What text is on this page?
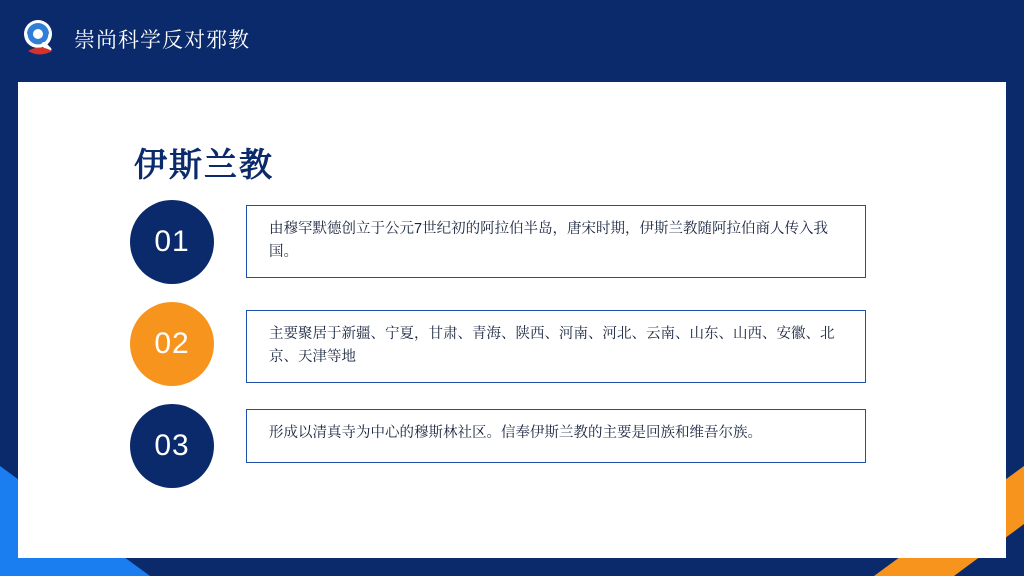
崇尚科学反对邪教
伊斯兰教
01	由穆罕默德创立于公元7世纪初的阿拉伯半岛，唐宋时期，伊斯兰教随阿拉伯商人传入我国。
02	主要聚居于新疆、宁夏，甘肃、青海、陕西、河南、河北、云南、山东、山西、安徽、北京、天津等地
03	形成以清真寺为中心的穆斯林社区。信奉伊斯兰教的主要是回族和维吾尔族。
